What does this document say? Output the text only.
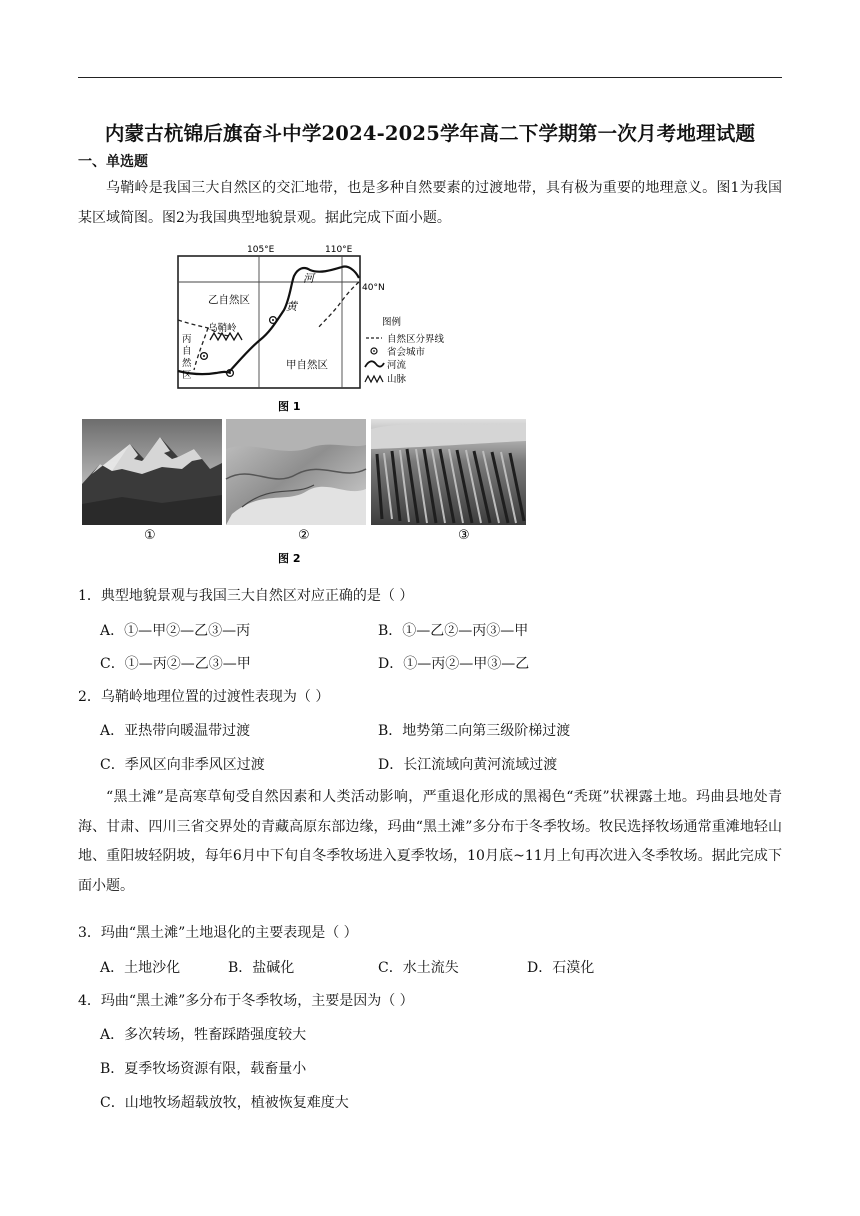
内蒙古杭锦后旗奋斗中学2024-2025学年高二下学期第一次月考地理试题
一、单选题
乌鞘岭是我国三大自然区的交汇地带，也是多种自然要素的过渡地带，具有极为重要的地理意义。图1为我国某区域简图。图2为我国典型地貌景观。据此完成下面小题。
105°E	110°E
40°N
河
黄
乙自然区
甲自然区
乌鞘岭
丙
自
然
区
图例
自然区分界线
省会城市
河流
山脉
图 1
①	②	③
图 2
1．典型地貌景观与我国三大自然区对应正确的是（ ）
A．①—甲②—乙③—丙	B．①—乙②—丙③—甲
C．①—丙②—乙③—甲	D．①—丙②—甲③—乙
2．乌鞘岭地理位置的过渡性表现为（ ）
A．亚热带向暖温带过渡	B．地势第二向第三级阶梯过渡
C．季风区向非季风区过渡	D．长江流域向黄河流域过渡
“黑土滩”是高寒草甸受自然因素和人类活动影响，严重退化形成的黑褐色“秃斑”状裸露土地。玛曲县地处青海、甘肃、四川三省交界处的青藏高原东部边缘，玛曲“黑土滩”多分布于冬季牧场。牧民选择牧场通常重滩地轻山地、重阳坡轻阴坡，每年6月中下旬自冬季牧场进入夏季牧场，10月底~11月上旬再次进入冬季牧场。据此完成下面小题。
3．玛曲“黑土滩”土地退化的主要表现是（ ）
A．土地沙化	B．盐碱化	C．水土流失	D．石漠化
4．玛曲“黑土滩”多分布于冬季牧场，主要是因为（ ）
A．多次转场，牲畜踩踏强度较大
B．夏季牧场资源有限，载畜量小
C．山地牧场超载放牧，植被恢复难度大
